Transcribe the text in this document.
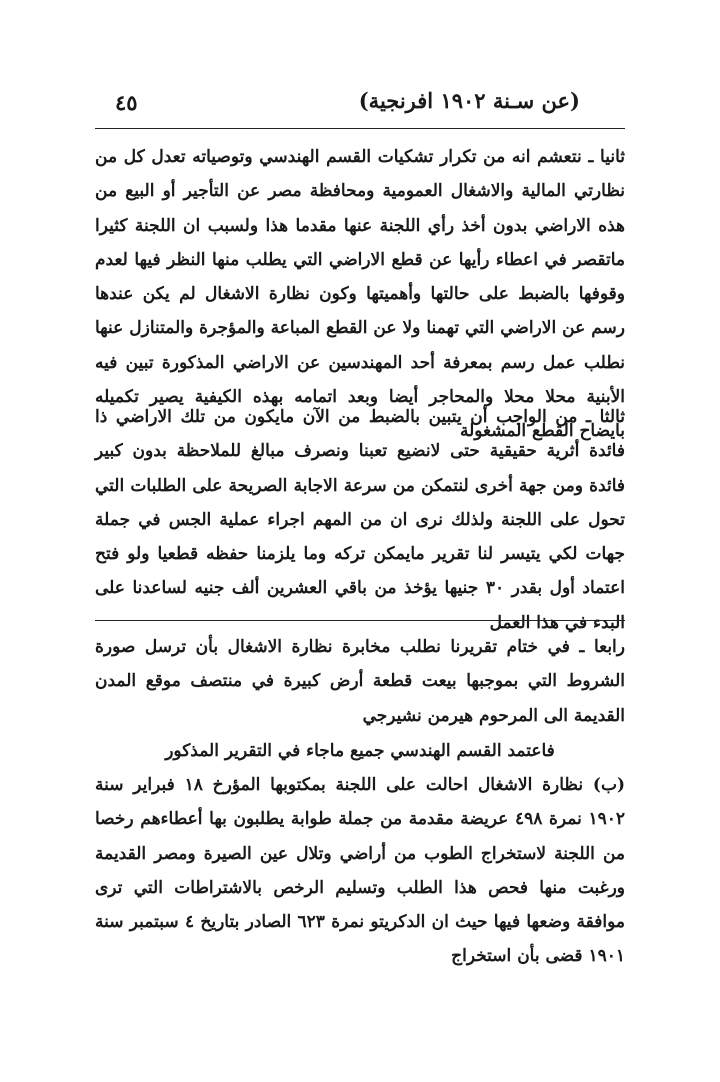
(عن سـنة ١٩٠٢ افرنجية)
٤٥
ثانيا ـ نتعشم انه من تكرار تشكيات القسم الهندسي وتوصياته تعدل كل من نظارتي المالية والاشغال العمومية ومحافظة مصر عن التأجير أو البيع من هذه الاراضي بدون أخذ رأي اللجنة عنها مقدما هذا ولسبب ان اللجنة كثيرا ماتقصر في اعطاء رأيها عن قطع الاراضي التي يطلب منها النظر فيها لعدم وقوفها بالضبط على حالتها وأهميتها وكون نظارة الاشغال لم يكن عندها رسم عن الاراضي التي تهمنا ولا عن القطع المباعة والمؤجرة والمتنازل عنها نطلب عمل رسم بمعرفة أحد المهندسين عن الاراضي المذكورة تبين فيه الأبنية محلا محلا والمحاجر أيضا وبعد اتمامه بهذه الكيفية يصير تكميله بايضاح القطع المشغولة
ثالثا ـ من الواجب أن يتبين بالضبط من الآن مايكون من تلك الاراضي ذا فائدة أثرية حقيقية حتى لانضيع تعبنا ونصرف مبالغ للملاحظة بدون كبير فائدة ومن جهة أخرى لنتمكن من سرعة الاجابة الصريحة على الطلبات التي تحول على اللجنة ولذلك نرى ان من المهم اجراء عملية الجس في جملة جهات لكي يتيسر لنا تقرير مايمكن تركه وما يلزمنا حفظه قطعيا ولو فتح اعتماد أول بقدر ٣٠ جنيها يؤخذ من باقي العشرين ألف جنيه لساعدنا على البدء في هذا العمل
رابعا ـ في ختام تقريرنا نطلب مخابرة نظارة الاشغال بأن ترسل صورة الشروط التي بموجبها بيعت قطعة أرض كبيرة في منتصف موقع المدن القديمة الى المرحوم هيرمن نشيرجي
فاعتمد القسم الهندسي جميع ماجاء في التقرير المذكور
(ب) نظارة الاشغال احالت على اللجنة بمكتوبها المؤرخ ١٨ فبراير سنة ١٩٠٢ نمرة ٤٩٨ عريضة مقدمة من جملة طوابة يطلبون بها أعطاءهم رخصا من اللجنة لاستخراج الطوب من أراضي وتلال عين الصيرة ومصر القديمة ورغبت منها فحص هذا الطلب وتسليم الرخص بالاشتراطات التي ترى موافقة وضعها فيها حيث ان الدكريتو نمرة ٦٢٣ الصادر بتاريخ ٤ سبتمبر سنة ١٩٠١ قضى بأن استخراج
